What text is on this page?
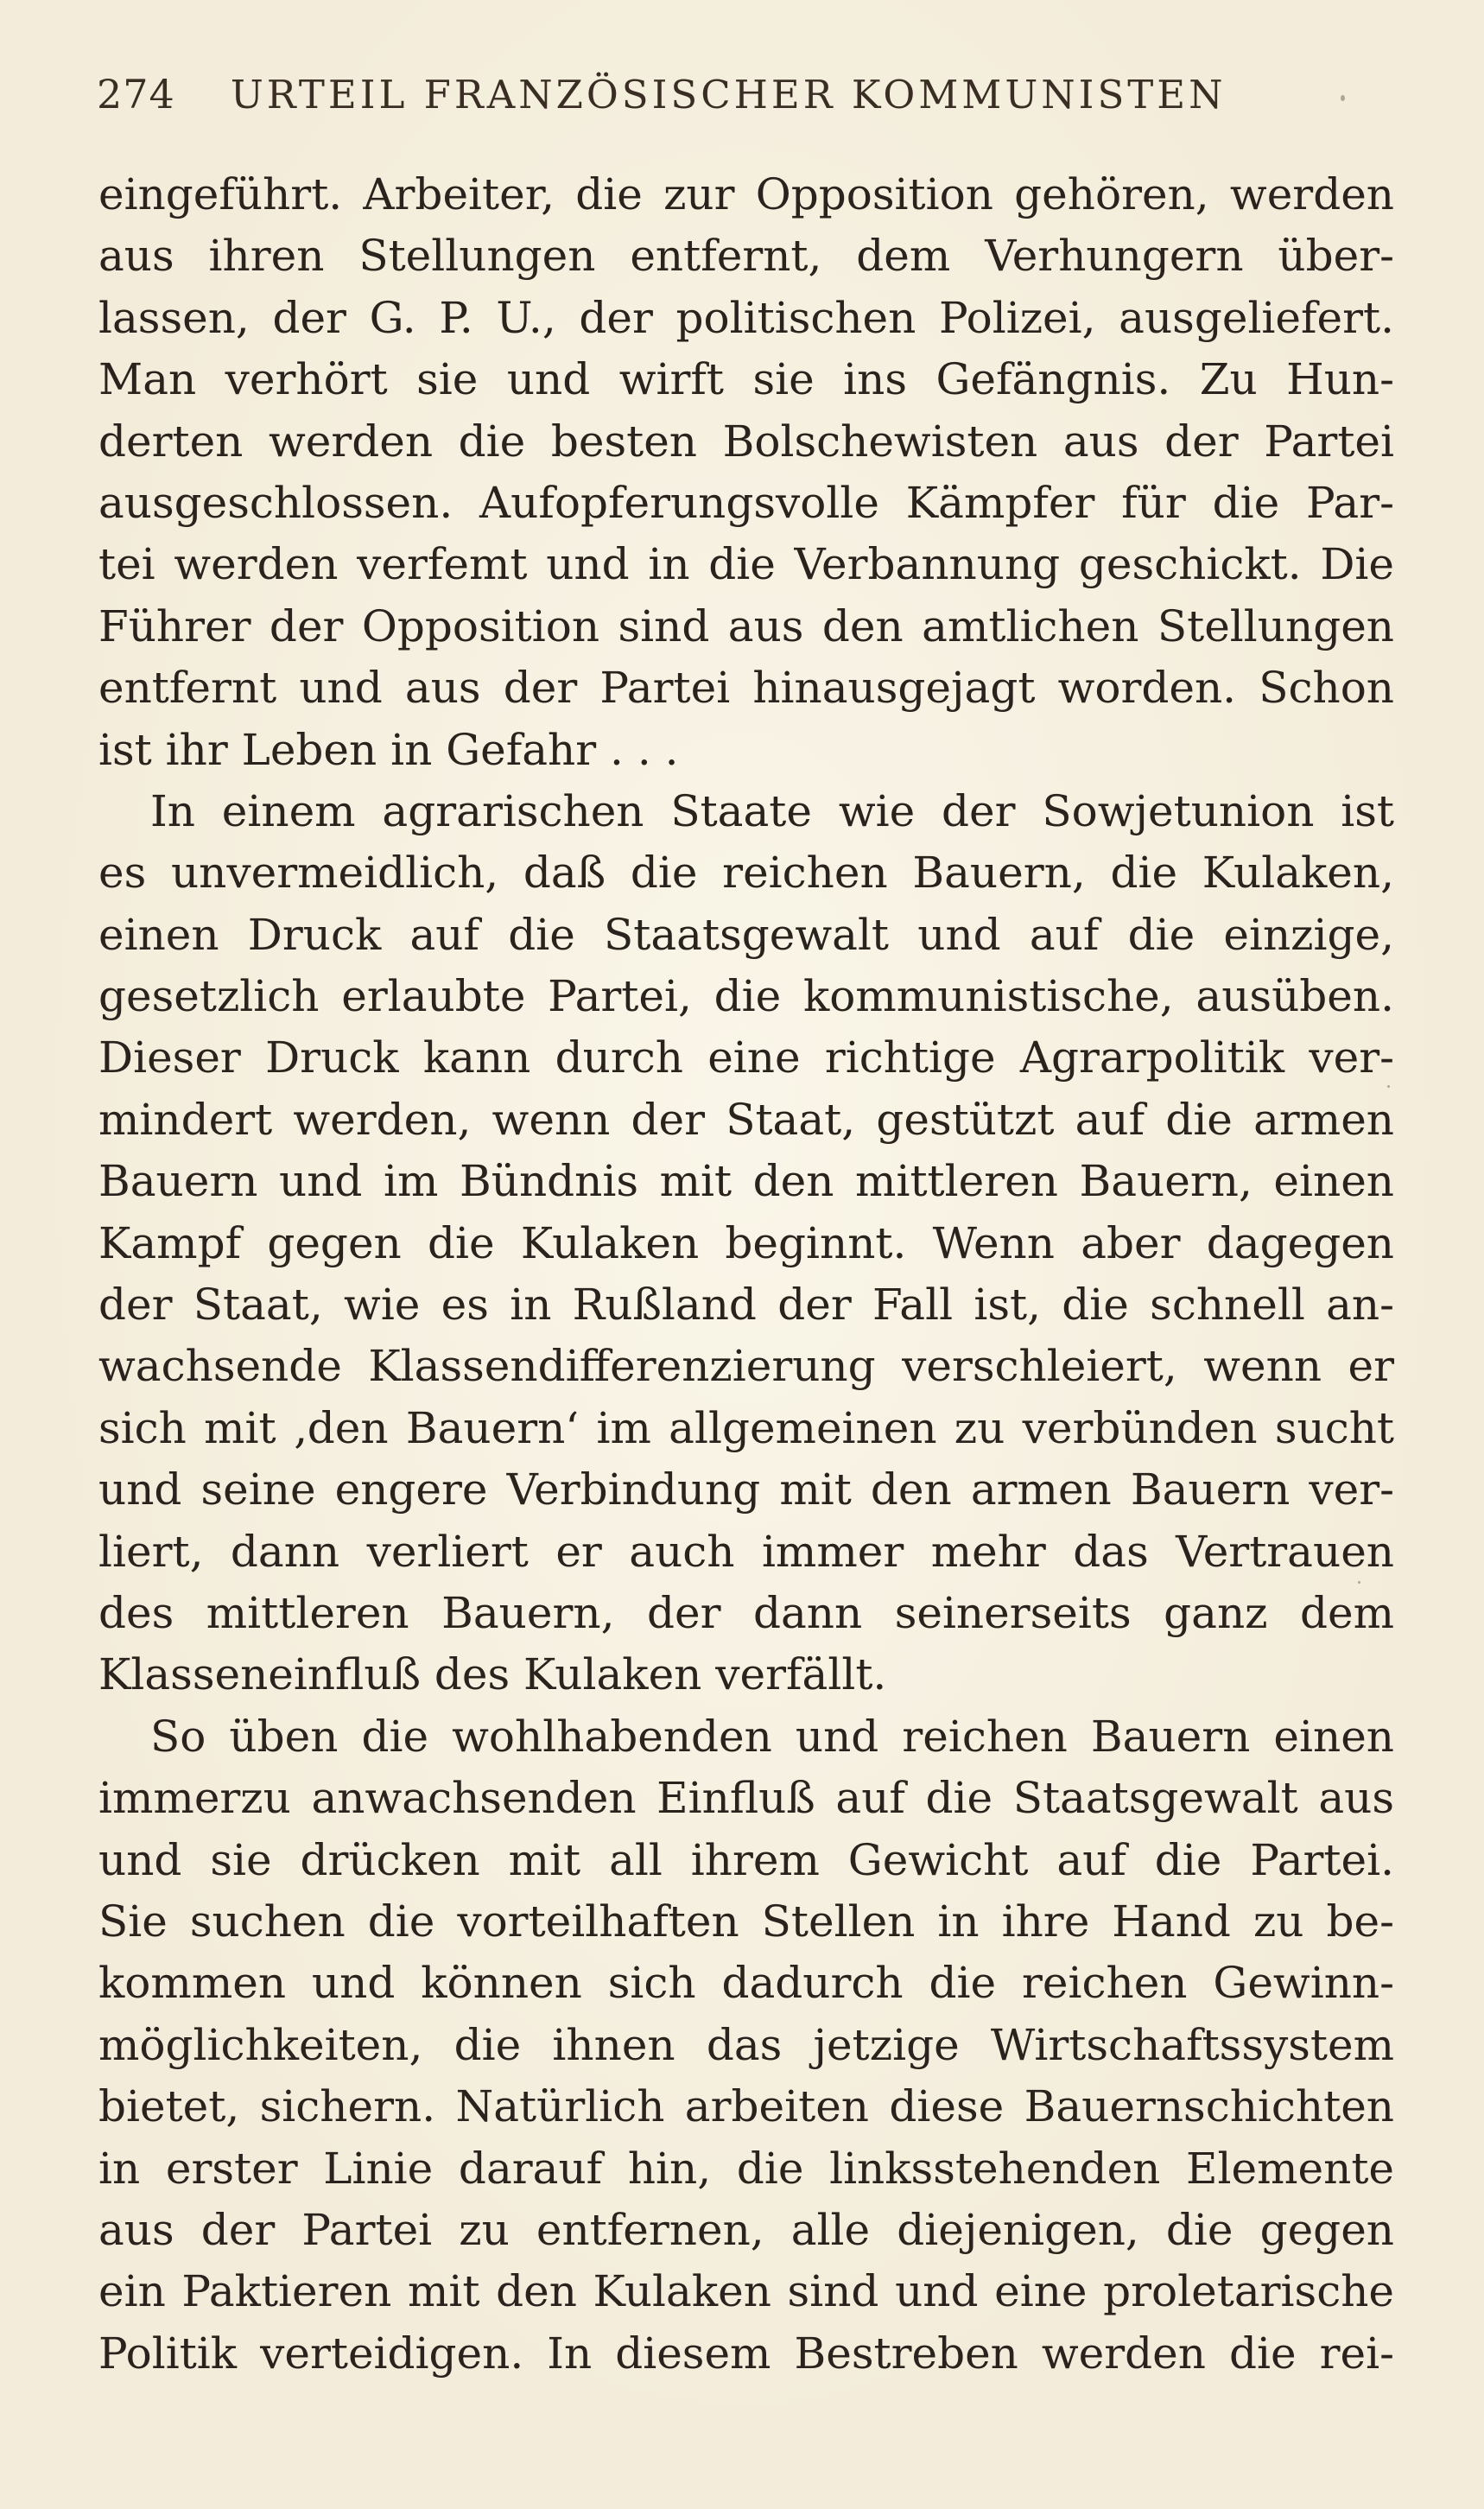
274 URTEIL FRANZÖSISCHER KOMMUNISTEN
eingeführt. Arbeiter, die zur Opposition gehören, werden
aus ihren Stellungen entfernt, dem Verhungern über-
lassen, der G. P. U., der politischen Polizei, ausgeliefert.
Man verhört sie und wirft sie ins Gefängnis. Zu Hun-
derten werden die besten Bolschewisten aus der Partei
ausgeschlossen. Aufopferungsvolle Kämpfer für die Par-
tei werden verfemt und in die Verbannung geschickt. Die
Führer der Opposition sind aus den amtlichen Stellungen
entfernt und aus der Partei hinausgejagt worden. Schon
ist ihr Leben in Gefahr . . .
In einem agrarischen Staate wie der Sowjetunion ist
es unvermeidlich, daß die reichen Bauern, die Kulaken,
einen Druck auf die Staatsgewalt und auf die einzige,
gesetzlich erlaubte Partei, die kommunistische, ausüben.
Dieser Druck kann durch eine richtige Agrarpolitik ver-
mindert werden, wenn der Staat, gestützt auf die armen
Bauern und im Bündnis mit den mittleren Bauern, einen
Kampf gegen die Kulaken beginnt. Wenn aber dagegen
der Staat, wie es in Rußland der Fall ist, die schnell an-
wachsende Klassendifferenzierung verschleiert, wenn er
sich mit ‚den Bauern‘ im allgemeinen zu verbünden sucht
und seine engere Verbindung mit den armen Bauern ver-
liert, dann verliert er auch immer mehr das Vertrauen
des mittleren Bauern, der dann seinerseits ganz dem
Klasseneinfluß des Kulaken verfällt.
So üben die wohlhabenden und reichen Bauern einen
immerzu anwachsenden Einfluß auf die Staatsgewalt aus
und sie drücken mit all ihrem Gewicht auf die Partei.
Sie suchen die vorteilhaften Stellen in ihre Hand zu be-
kommen und können sich dadurch die reichen Gewinn-
möglichkeiten, die ihnen das jetzige Wirtschaftssystem
bietet, sichern. Natürlich arbeiten diese Bauernschichten
in erster Linie darauf hin, die linksstehenden Elemente
aus der Partei zu entfernen, alle diejenigen, die gegen
ein Paktieren mit den Kulaken sind und eine proletarische
Politik verteidigen. In diesem Bestreben werden die rei-
